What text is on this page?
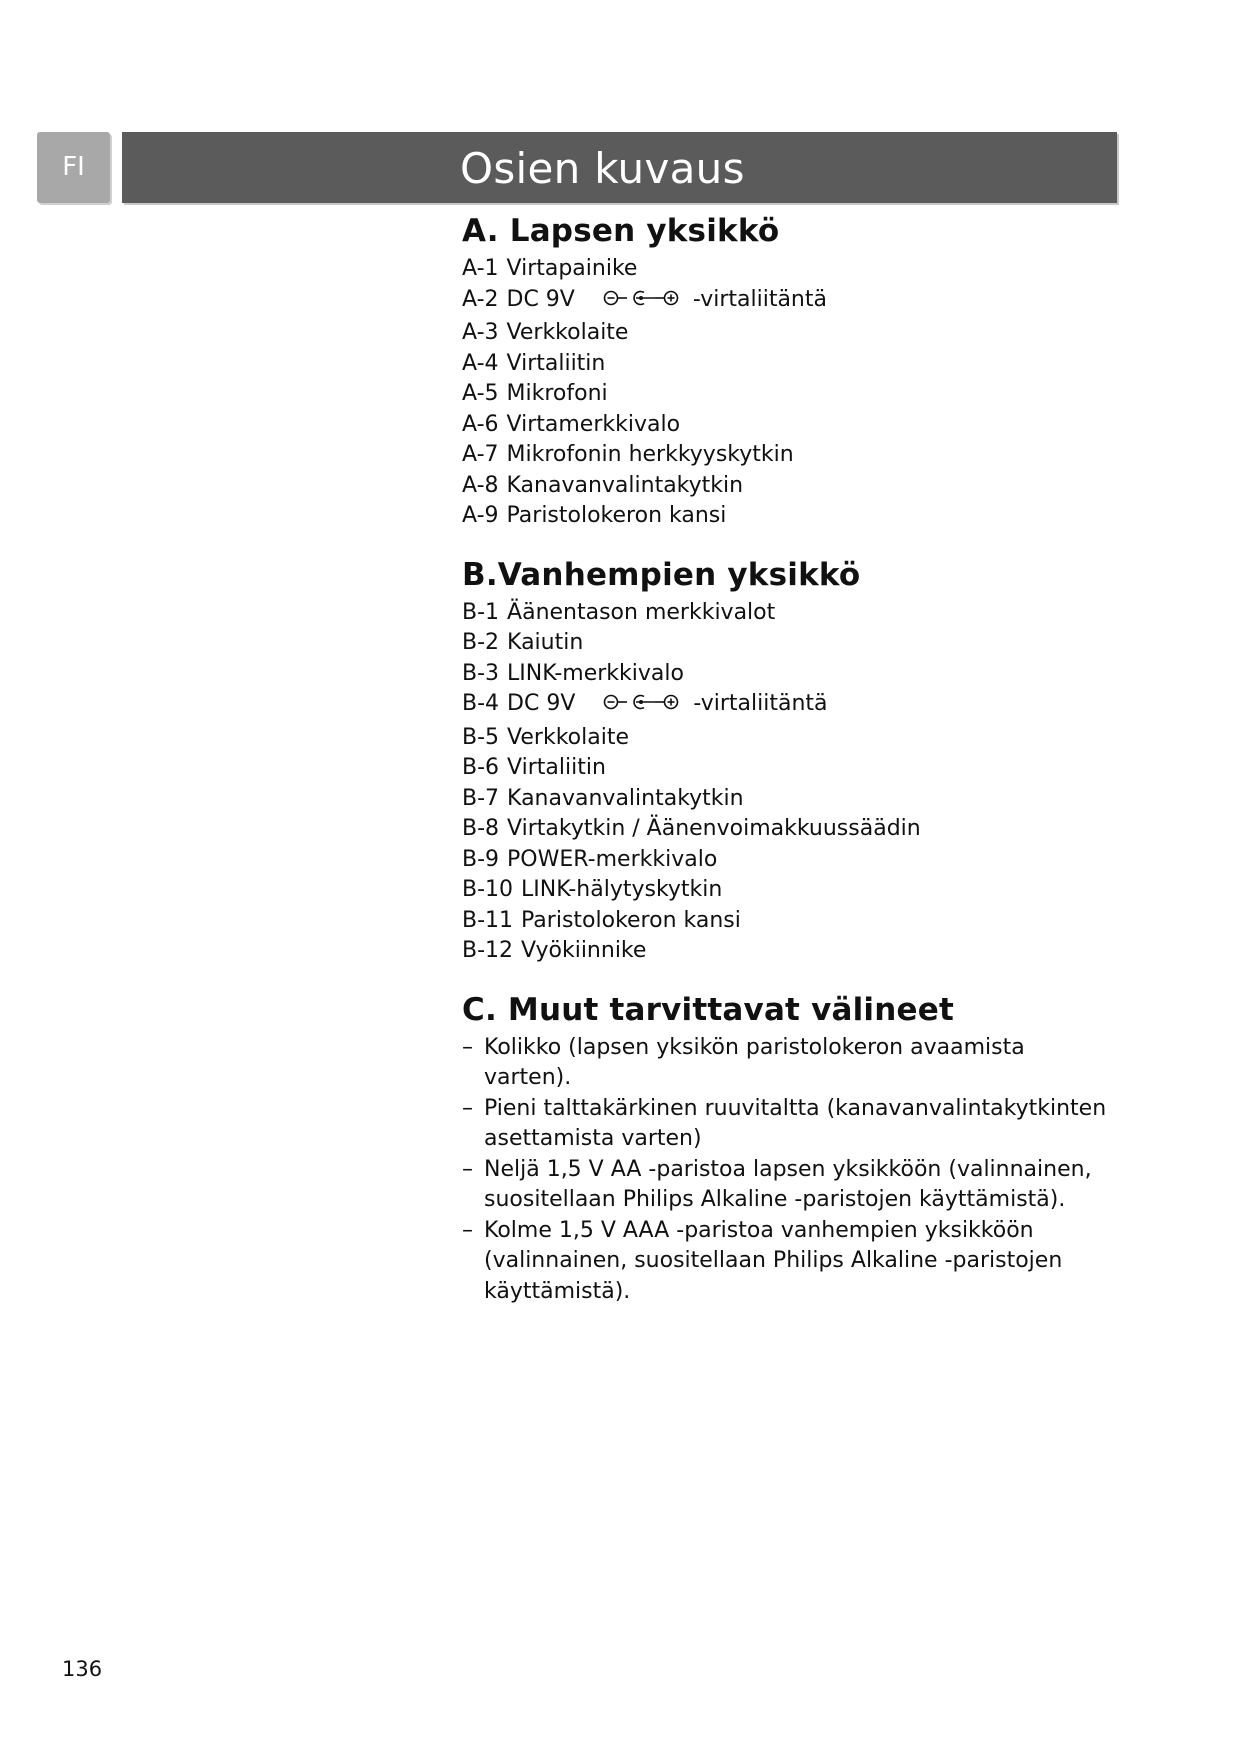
FI	Osien kuvaus
A. Lapsen yksikkö
A-1 Virtapainike
A-2 DC 9V	-virtaliitäntä
A-3 Verkkolaite
A-4 Virtaliitin
A-5 Mikrofoni
A-6 Virtamerkkivalo
A-7 Mikrofonin herkkyyskytkin
A-8 Kanavanvalintakytkin
A-9 Paristolokeron kansi
B.Vanhempien yksikkö
B-1 Äänentason merkkivalot
B-2 Kaiutin
B-3 LINK-merkkivalo
B-4 DC 9V	-virtaliitäntä
B-5 Verkkolaite
B-6 Virtaliitin
B-7 Kanavanvalintakytkin
B-8 Virtakytkin / Äänenvoimakkuussäädin
B-9 POWER-merkkivalo
B-10 LINK-hälytyskytkin
B-11 Paristolokeron kansi
B-12 Vyökiinnike
C. Muut tarvittavat välineet
– Kolikko (lapsen yksikön paristolokeron avaamista varten).
– Pieni talttakärkinen ruuvitaltta (kanavanvalintakytkinten asettamista varten)
– Neljä 1,5 V AA -paristoa lapsen yksikköön (valinnainen, suositellaan Philips Alkaline -paristojen käyttämistä).
– Kolme 1,5 V AAA -paristoa vanhempien yksikköön (valinnainen, suositellaan Philips Alkaline -paristojen käyttämistä).
136
